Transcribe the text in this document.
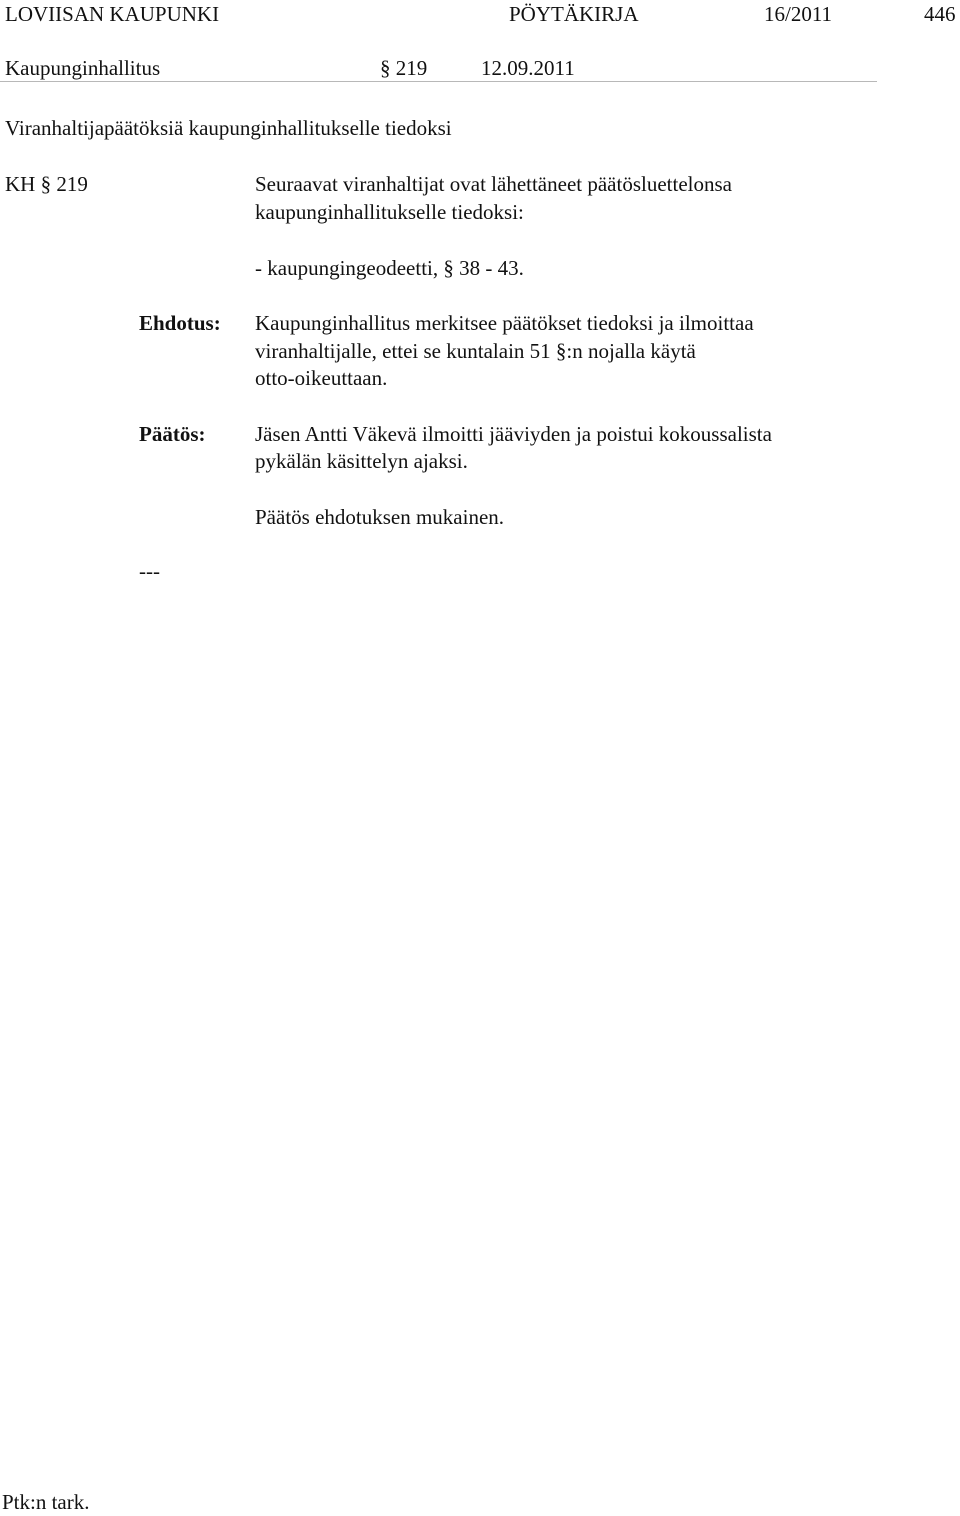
LOVIISAN KAUPUNKI	PÖYTÄKIRJA	16/2011	446
Kaupunginhallitus	§ 219	12.09.2011
Viranhaltijapäätöksiä kaupunginhallitukselle tiedoksi
KH § 219	Seuraavat viranhaltijat ovat lähettäneet päätösluettelonsa
kaupunginhallitukselle tiedoksi:
- kaupungingeodeetti, § 38 - 43.
Ehdotus: Kaupunginhallitus merkitsee päätökset tiedoksi ja ilmoittaa
viranhaltijalle, ettei se kuntalain 51 §:n nojalla käytä
otto-oikeuttaan.
Päätös: Jäsen Antti Väkevä ilmoitti jääviyden ja poistui kokoussalista
pykälän käsittelyn ajaksi.
Päätös ehdotuksen mukainen.
---
Ptk:n tark.
